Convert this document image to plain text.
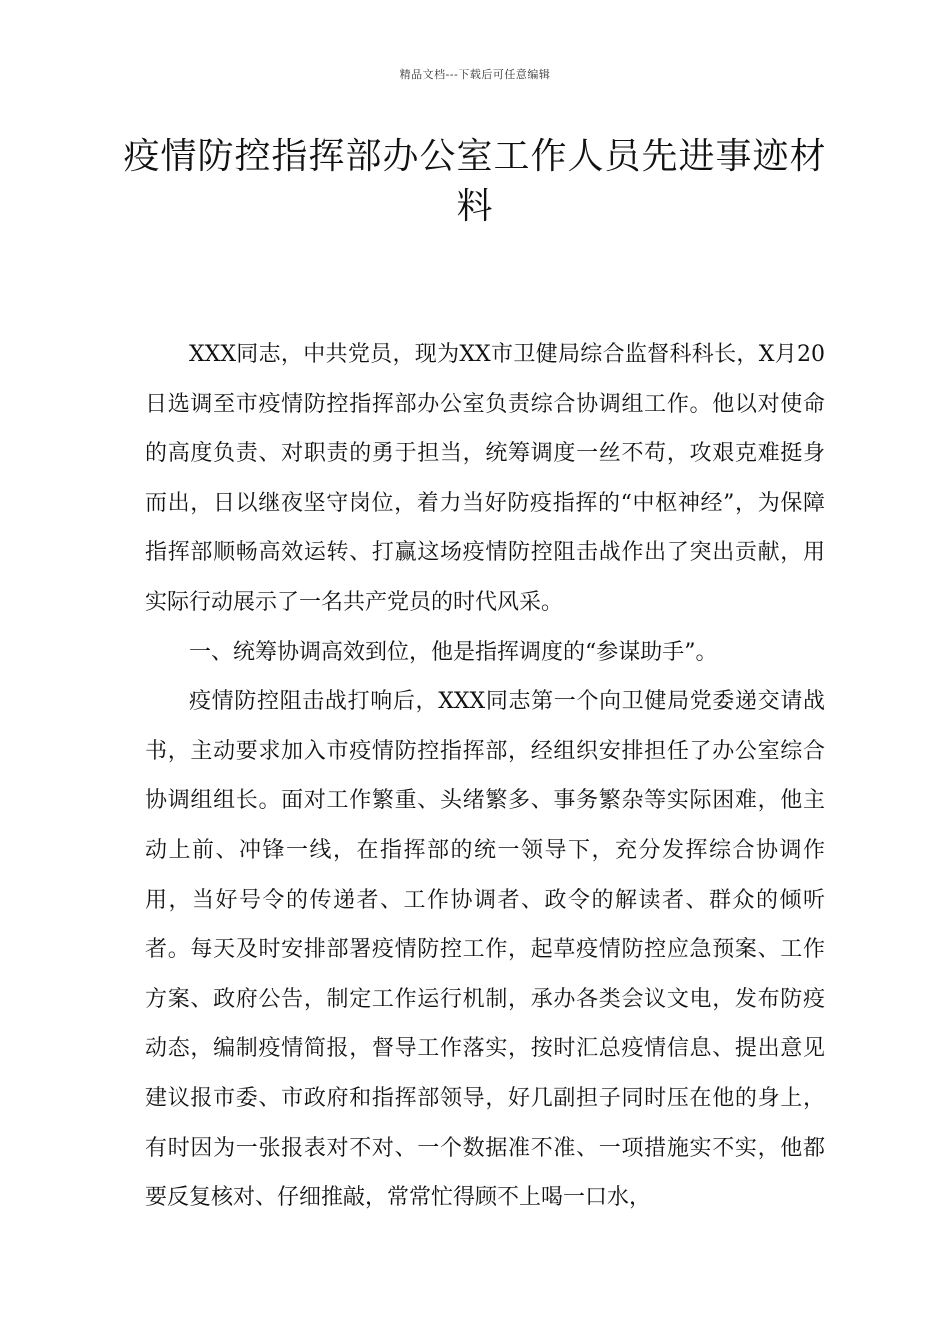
精品文档---下载后可任意编辑
疫情防控指挥部办公室工作人员先进事迹材料

XXX同志，中共党员，现为XX市卫健局综合监督科科长，X月20日选调至市疫情防控指挥部办公室负责综合协调组工作。他以对使命的高度负责、对职责的勇于担当，统筹调度一丝不苟，攻艰克难挺身而出，日以继夜坚守岗位，着力当好防疫指挥的“中枢神经”，为保障指挥部顺畅高效运转、打赢这场疫情防控阻击战作出了突出贡献，用实际行动展示了一名共产党员的时代风采。

一、统筹协调高效到位，他是指挥调度的“参谋助手”。

疫情防控阻击战打响后，XXX同志第一个向卫健局党委递交请战书，主动要求加入市疫情防控指挥部，经组织安排担任了办公室综合协调组组长。面对工作繁重、头绪繁多、事务繁杂等实际困难，他主动上前、冲锋一线，在指挥部的统一领导下，充分发挥综合协调作用，当好号令的传递者、工作协调者、政令的解读者、群众的倾听者。每天及时安排部署疫情防控工作，起草疫情防控应急预案、工作方案、政府公告，制定工作运行机制，承办各类会议文电，发布防疫动态，编制疫情简报，督导工作落实，按时汇总疫情信息、提出意见建议报市委、市政府和指挥部领导，好几副担子同时压在他的身上，有时因为一张报表对不对、一个数据准不准、一项措施实不实，他都要反复核对、仔细推敲，常常忙得顾不上喝一口水，
